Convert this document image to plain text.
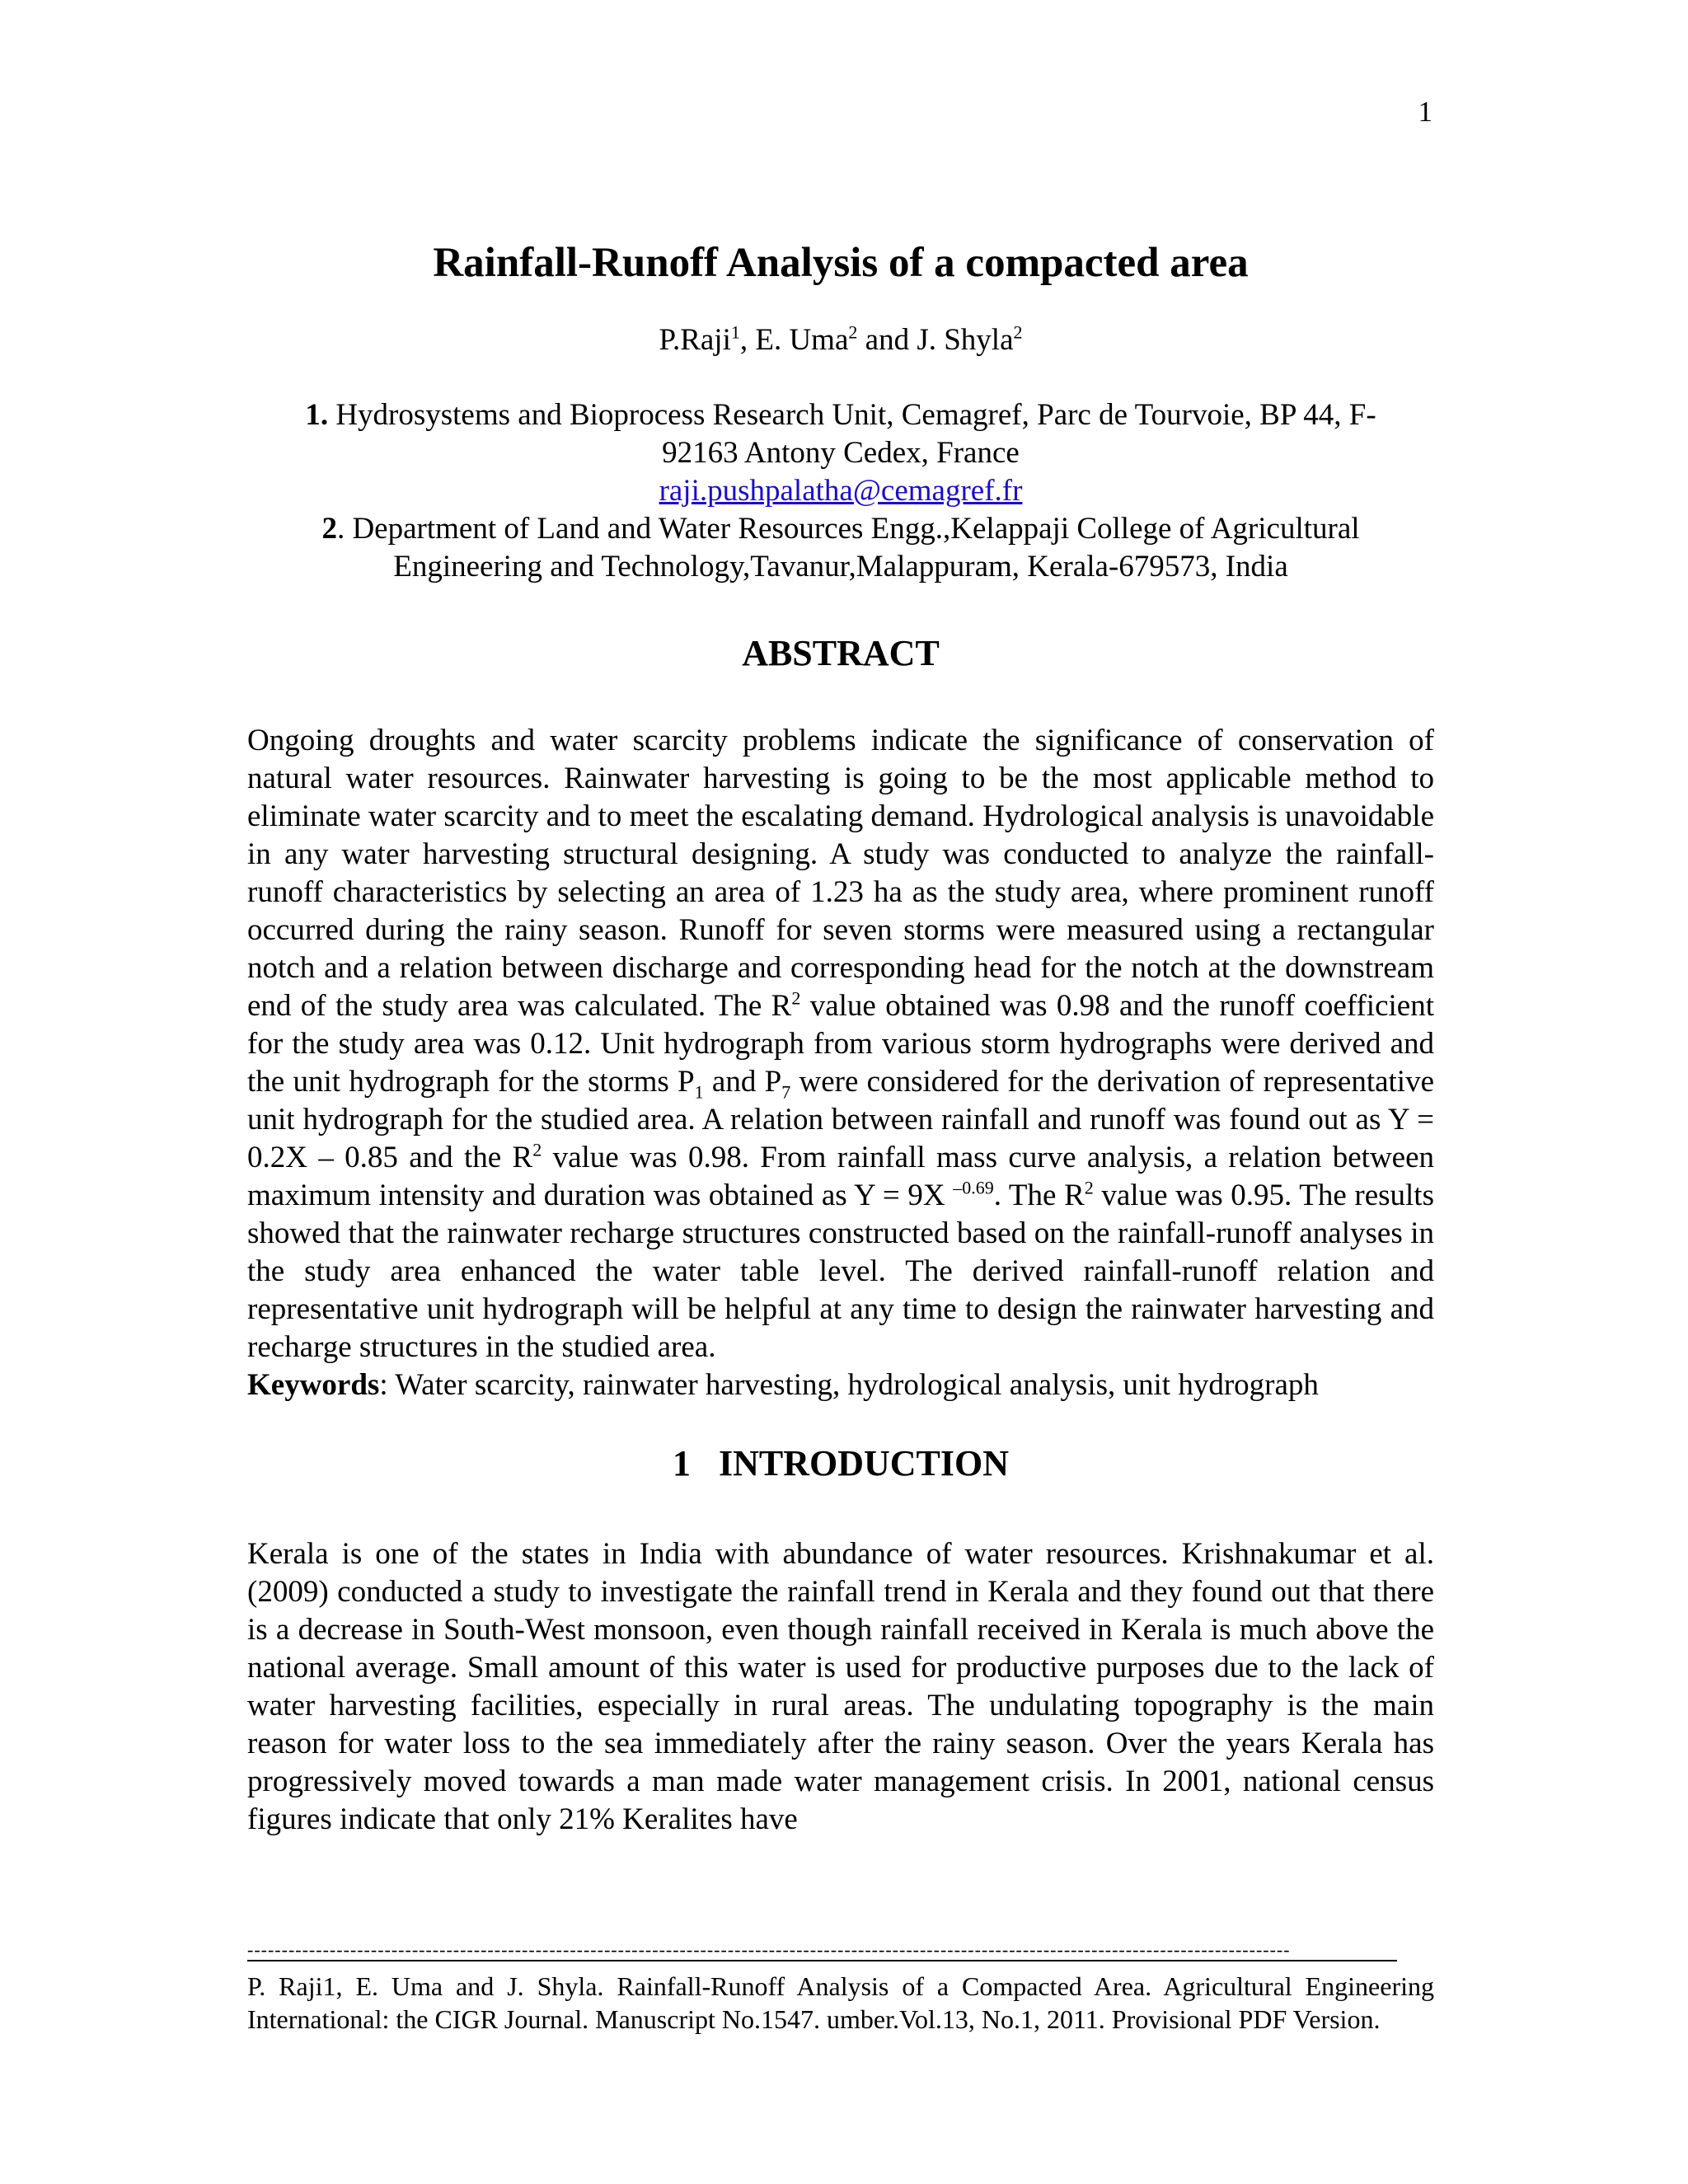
1
Rainfall-Runoff Analysis of a compacted area
P.Raji$^1$, E. Uma$^2$ and J. Shyla$^2$

1. Hydrosystems and Bioprocess Research Unit, Cemagref, Parc de Tourvoie, BP 44, F-92163 Antony Cedex, France

raji.pushpalatha@cemagref.fr

2. Department of Land and Water Resources Engg.,Kelappaji College of Agricultural Engineering and Technology,Tavanur,Malappuram, Kerala-679573, India

ABSTRACT

Ongoing droughts and water scarcity problems indicate the significance of conservation of natural water resources. Rainwater harvesting is going to be the most applicable method to eliminate water scarcity and to meet the escalating demand. Hydrological analysis is unavoidable in any water harvesting structural designing. A study was conducted to analyze the rainfall-runoff characteristics by selecting an area of 1.23 ha as the study area, where prominent runoff occurred during the rainy season. Runoff for seven storms were measured using a rectangular notch and a relation between discharge and corresponding head for the notch at the downstream end of the study area was calculated. The $R^2$ value obtained was 0.98 and the runoff coefficient for the study area was 0.12. Unit hydrograph from various storm hydrographs were derived and the unit hydrograph for the storms $P_1$ and $P_7$ were considered for the derivation of representative unit hydrograph for the studied area. A relation between rainfall and runoff was found out as Y = 0.2X – 0.85 and the $R^2$ value was 0.98. From rainfall mass curve analysis, a relation between maximum intensity and duration was obtained as Y = 9X $^{-0.69}$. The $R^2$ value was 0.95. The results showed that the rainwater recharge structures constructed based on the rainfall-runoff analyses in the study area enhanced the water table level. The derived rainfall-runoff relation and representative unit hydrograph will be helpful at any time to design the rainwater harvesting and recharge structures in the studied area.

Keywords: Water scarcity, rainwater harvesting, hydrological analysis, unit hydrograph

1 INTRODUCTION

Kerala is one of the states in India with abundance of water resources. Krishnakumar et al. (2009) conducted a study to investigate the rainfall trend in Kerala and they found out that there is a decrease in South-West monsoon, even though rainfall received in Kerala is much above the national average. Small amount of this water is used for productive purposes due to the lack of water harvesting facilities, especially in rural areas. The undulating topography is the main reason for water loss to the sea immediately after the rainy season. Over the years Kerala has progressively moved towards a man made water management crisis. In 2001, national census figures indicate that only 21% Keralites have

--------------------------------------------------------------------------------------------------------------------------------------------------------
P. Raji1, E. Uma and J. Shyla. Rainfall-Runoff Analysis of a Compacted Area. Agricultural Engineering International: the CIGR Journal. Manuscript No.1547. umber.Vol.13, No.1, 2011. Provisional PDF Version.
